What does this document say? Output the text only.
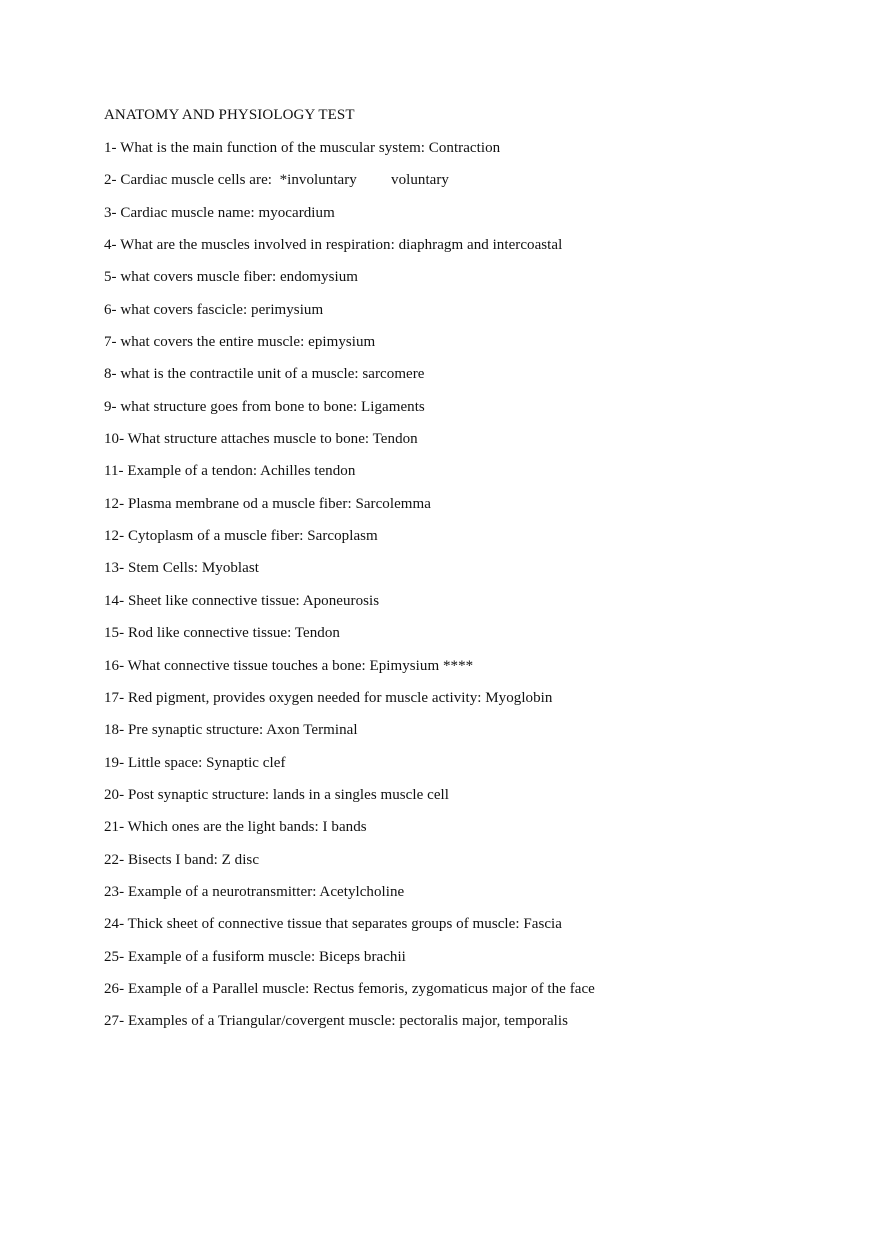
ANATOMY AND PHYSIOLOGY TEST
1- What is the main function of the muscular system: Contraction
2- Cardiac muscle cells are:  *involuntary         voluntary
3- Cardiac muscle name: myocardium
4- What are the muscles involved in respiration: diaphragm and intercoastal
5- what covers muscle fiber: endomysium
6- what covers fascicle: perimysium
7- what covers the entire muscle: epimysium
8- what is the contractile unit of a muscle: sarcomere
9- what structure goes from bone to bone: Ligaments
10- What structure attaches muscle to bone: Tendon
11- Example of a tendon: Achilles tendon
12- Plasma membrane od a muscle fiber: Sarcolemma
12- Cytoplasm of a muscle fiber: Sarcoplasm
13- Stem Cells: Myoblast
14- Sheet like connective tissue: Aponeurosis
15- Rod like connective tissue: Tendon
16- What connective tissue touches a bone: Epimysium ****
17- Red pigment, provides oxygen needed for muscle activity: Myoglobin
18- Pre synaptic structure: Axon Terminal
19- Little space: Synaptic clef
20- Post synaptic structure: lands in a singles muscle cell
21- Which ones are the light bands: I bands
22- Bisects I band: Z disc
23- Example of a neurotransmitter: Acetylcholine
24- Thick sheet of connective tissue that separates groups of muscle: Fascia
25- Example of a fusiform muscle: Biceps brachii
26- Example of a Parallel muscle: Rectus femoris, zygomaticus major of the face
27- Examples of a Triangular/covergent muscle: pectoralis major, temporalis
